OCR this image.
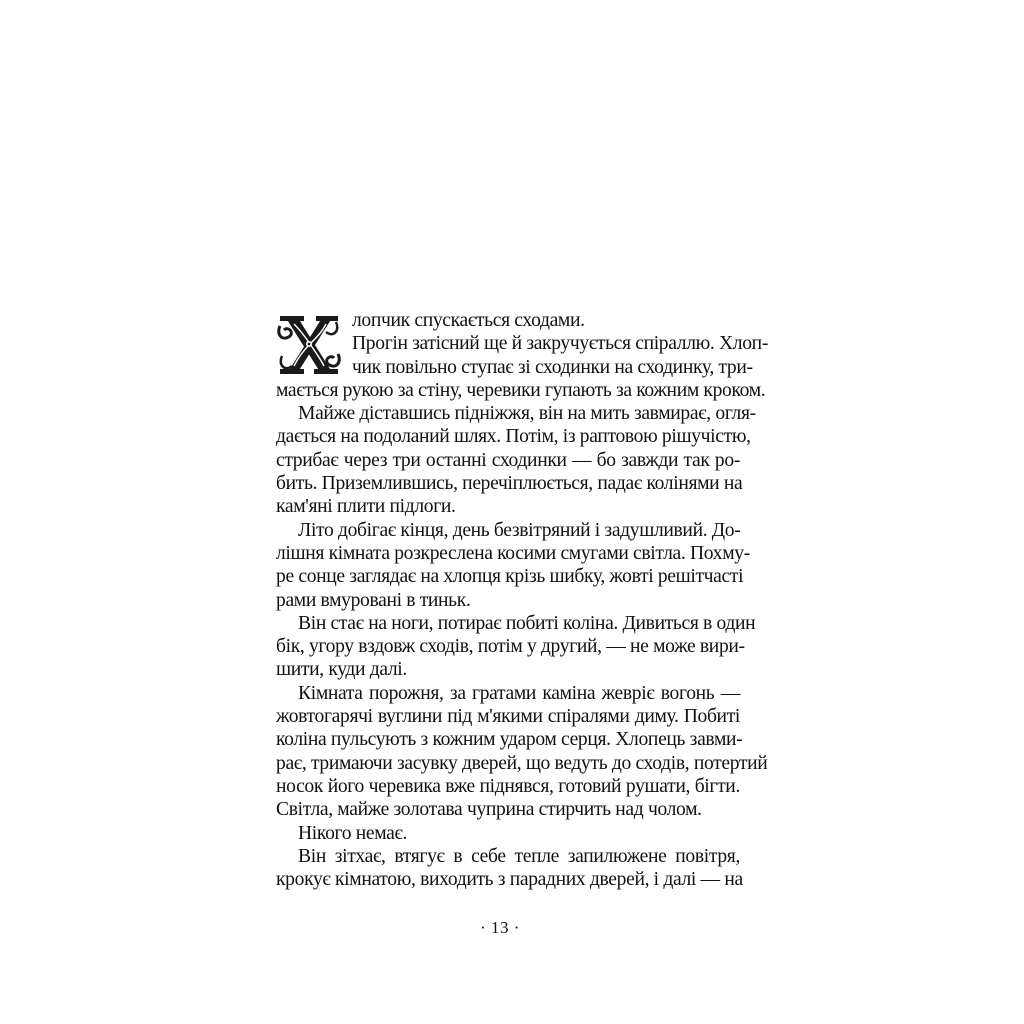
лопчик спускається сходами.
Прогін затісний ще й закручується спіраллю. Хлоп-
чик повільно ступає зі сходинки на сходинку, три-
мається рукою за стіну, черевики гупають за кожним кроком.
Майже діставшись підніжжя, він на мить завмирає, огля-
дається на подоланий шлях. Потім, із раптовою рішучістю,
стрибає через три останні сходинки — бо завжди так ро-
бить. Приземлившись, перечіплюється, падає колінями на
кам'яні плити підлоги.
Літо добігає кінця, день безвітряний і задушливий. До-
лішня кімната розкреслена косими смугами світла. Похму-
ре сонце заглядає на хлопця крізь шибку, жовті решітчасті
рами вмуровані в тиньк.
Він стає на ноги, потирає побиті коліна. Дивиться в один
бік, угору вздовж сходів, потім у другий, — не може вири-
шити, куди далі.
Кімната порожня, за гратами каміна жевріє вогонь —
жовтогарячі вуглини під м'якими спіралями диму. Побиті
коліна пульсують з кожним ударом серця. Хлопець завми-
рає, тримаючи засувку дверей, що ведуть до сходів, потертий
носок його черевика вже піднявся, готовий рушати, бігти.
Світла, майже золотава чуприна стирчить над чолом.
Нікого немає.
Він зітхає, втягує в себе тепле запилюжене повітря,
крокує кімнатою, виходить з парадних дверей, і далі — на
· 13 ·
